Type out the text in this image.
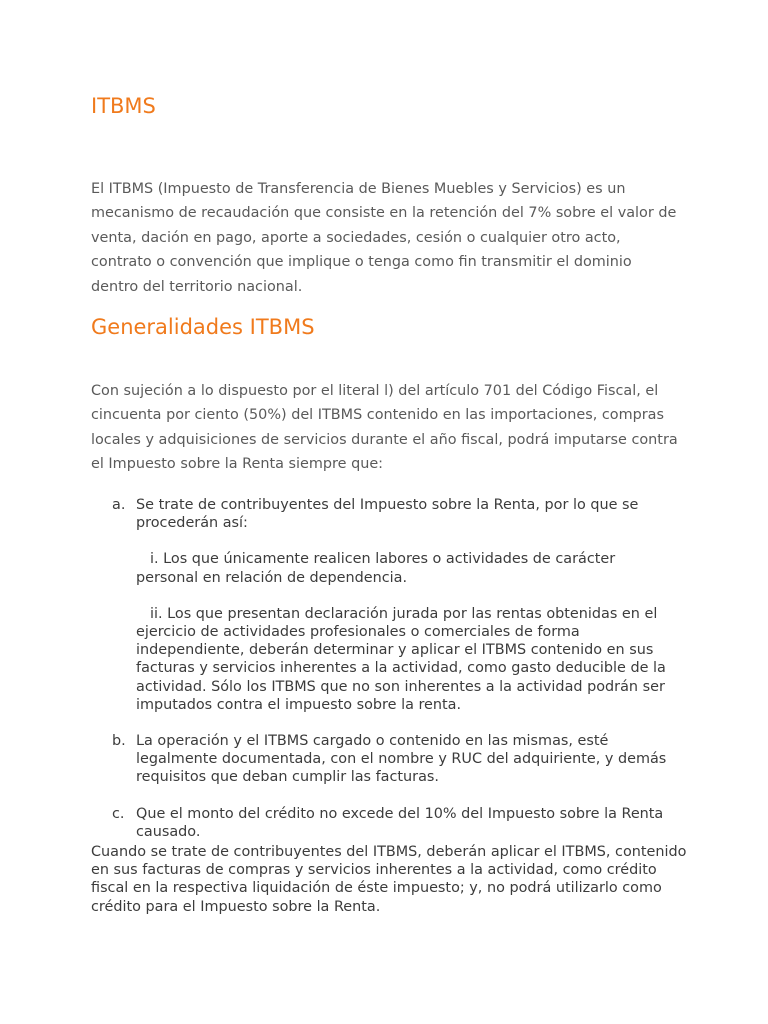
ITBMS

El ITBMS (Impuesto de Transferencia de Bienes Muebles y Servicios) es un mecanismo de recaudación que consiste en la retención del 7% sobre el valor de venta, dación en pago, aporte a sociedades, cesión o cualquier otro acto, contrato o convención que implique o tenga como fin transmitir el dominio dentro del territorio nacional.

Generalidades ITBMS

Con sujeción a lo dispuesto por el literal l) del artículo 701 del Código Fiscal, el cincuenta por ciento (50%) del ITBMS contenido en las importaciones, compras locales y adquisiciones de servicios durante el año fiscal, podrá imputarse contra el Impuesto sobre la Renta siempre que:

a. Se trate de contribuyentes del Impuesto sobre la Renta, por lo que se procederán así:
i. Los que únicamente realicen labores o actividades de carácter personal en relación de dependencia.
ii. Los que presentan declaración jurada por las rentas obtenidas en el ejercicio de actividades profesionales o comerciales de forma independiente, deberán determinar y aplicar el ITBMS contenido en sus facturas y servicios inherentes a la actividad, como gasto deducible de la actividad. Sólo los ITBMS que no son inherentes a la actividad podrán ser imputados contra el impuesto sobre la renta.
b. La operación y el ITBMS cargado o contenido en las mismas, esté legalmente documentada, con el nombre y RUC del adquiriente, y demás requisitos que deban cumplir las facturas.
c. Que el monto del crédito no excede del 10% del Impuesto sobre la Renta causado.

Cuando se trate de contribuyentes del ITBMS, deberán aplicar el ITBMS, contenido en sus facturas de compras y servicios inherentes a la actividad, como crédito fiscal en la respectiva liquidación de éste impuesto; y, no podrá utilizarlo como crédito para el Impuesto sobre la Renta.
